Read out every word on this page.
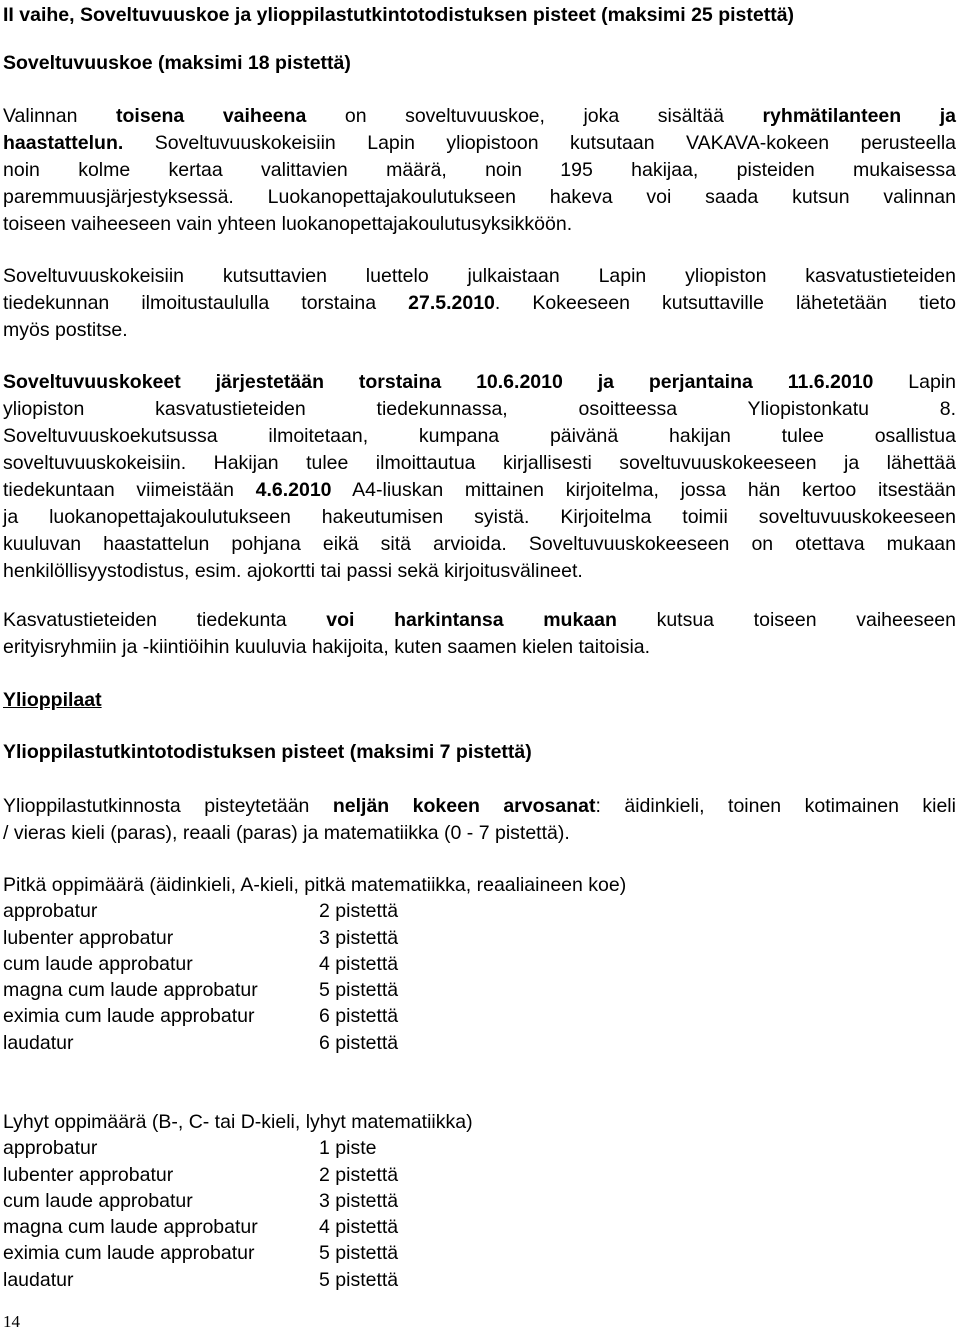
II vaihe, Soveltuvuuskoe ja ylioppilastutkintotodistuksen pisteet (maksimi 25 pistettä)
Soveltuvuuskoe (maksimi 18 pistettä)
Valinnan toisena vaiheena on soveltuvuuskoe, joka sisältää ryhmätilanteen ja
haastattelun. Soveltuvuuskokeisiin Lapin yliopistoon kutsutaan VAKAVA-kokeen perusteella
noin kolme kertaa valittavien määrä, noin 195 hakijaa, pisteiden mukaisessa
paremmuusjärjestyksessä. Luokanopettajakoulutukseen hakeva voi saada kutsun valinnan
toiseen vaiheeseen vain yhteen luokanopettajakoulutusyksikköön.
Soveltuvuuskokeisiin kutsuttavien luettelo julkaistaan Lapin yliopiston kasvatustieteiden
tiedekunnan ilmoitustaululla torstaina 27.5.2010. Kokeeseen kutsuttaville lähetetään tieto
myös postitse.
Soveltuvuuskokeet järjestetään torstaina 10.6.2010 ja perjantaina 11.6.2010 Lapin
yliopiston kasvatustieteiden tiedekunnassa, osoitteessa Yliopistonkatu 8.
Soveltuvuuskoekutsussa ilmoitetaan, kumpana päivänä hakijan tulee osallistua
soveltuvuuskokeisiin. Hakijan tulee ilmoittautua kirjallisesti soveltuvuuskokeeseen ja lähettää
tiedekuntaan viimeistään 4.6.2010 A4-liuskan mittainen kirjoitelma, jossa hän kertoo itsestään
ja luokanopettajakoulutukseen hakeutumisen syistä. Kirjoitelma toimii soveltuvuuskokeeseen
kuuluvan haastattelun pohjana eikä sitä arvioida. Soveltuvuuskokeeseen on otettava mukaan
henkilöllisyystodistus, esim. ajokortti tai passi sekä kirjoitusvälineet.
Kasvatustieteiden tiedekunta voi harkintansa mukaan kutsua toiseen vaiheeseen
erityisryhmiin ja -kiintiöihin kuuluvia hakijoita, kuten saamen kielen taitoisia.
Ylioppilaat
Ylioppilastutkintotodistuksen pisteet (maksimi 7 pistettä)
Ylioppilastutkinnosta pisteytetään neljän kokeen arvosanat: äidinkieli, toinen kotimainen kieli
/ vieras kieli (paras), reaali (paras) ja matematiikka (0 - 7 pistettä).
Pitkä oppimäärä (äidinkieli, A-kieli, pitkä matematiikka, reaaliaineen koe)
approbatur	2 pistettä
lubenter approbatur	3 pistettä
cum laude approbatur	4 pistettä
magna cum laude approbatur	5 pistettä
eximia cum laude approbatur	6 pistettä
laudatur	6 pistettä
Lyhyt oppimäärä (B-, C- tai D-kieli, lyhyt matematiikka)
approbatur	1 piste
lubenter approbatur	2 pistettä
cum laude approbatur	3 pistettä
magna cum laude approbatur	4 pistettä
eximia cum laude approbatur	5 pistettä
laudatur	5 pistettä
14
